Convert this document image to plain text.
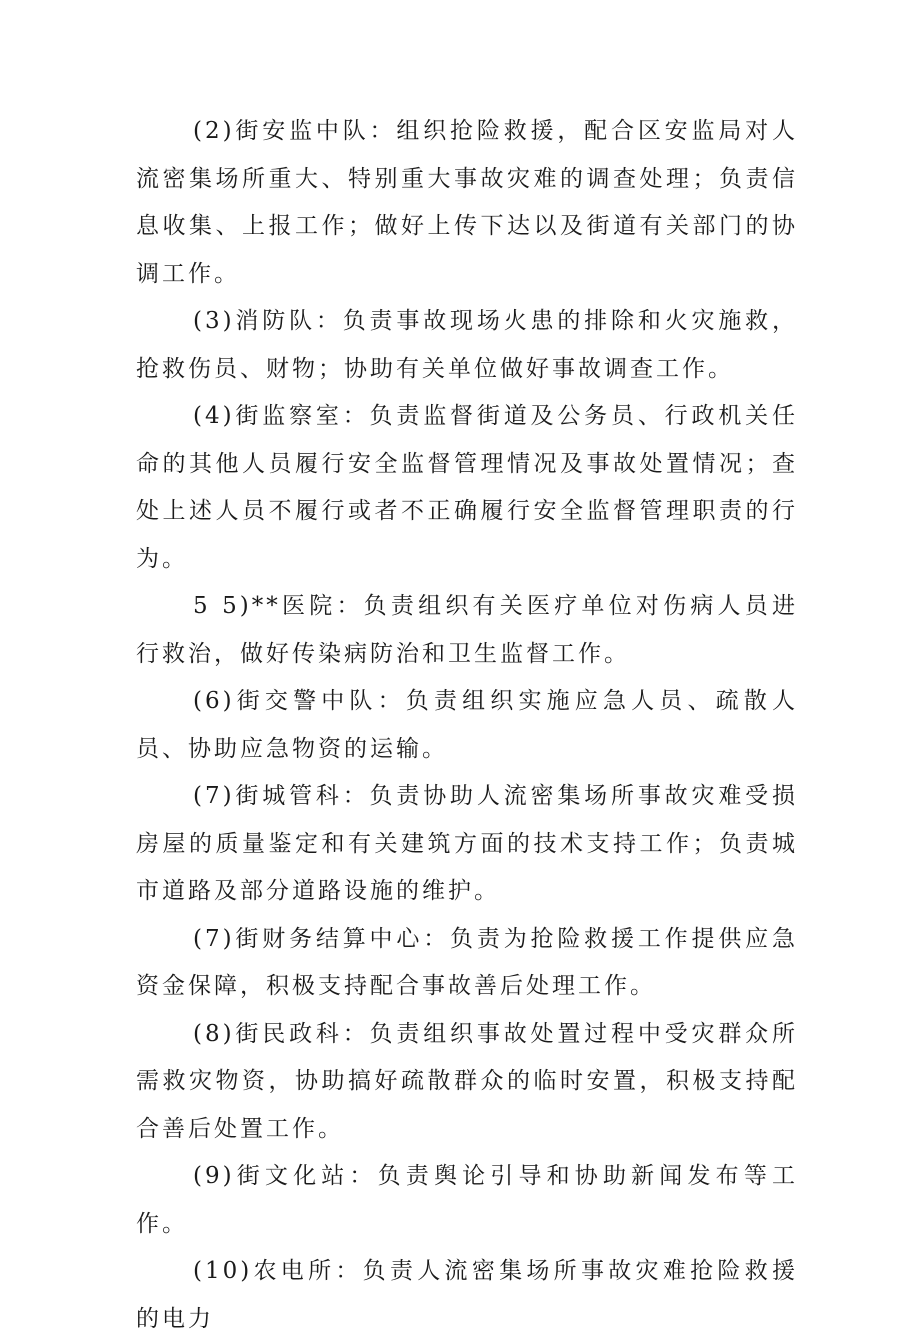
(2)街安监中队：组织抢险救援，配合区安监局对人流密集场所重大、特别重大事故灾难的调查处理；负责信息收集、上报工作；做好上传下达以及街道有关部门的协调工作。

(3)消防队：负责事故现场火患的排除和火灾施救，抢救伤员、财物；协助有关单位做好事故调查工作。

(4)街监察室：负责监督街道及公务员、行政机关任命的其他人员履行安全监督管理情况及事故处置情况；查处上述人员不履行或者不正确履行安全监督管理职责的行为。

5 5)**医院：负责组织有关医疗单位对伤病人员进行救治，做好传染病防治和卫生监督工作。

(6)街交警中队：负责组织实施应急人员、疏散人员、协助应急物资的运输。

(7)街城管科：负责协助人流密集场所事故灾难受损房屋的质量鉴定和有关建筑方面的技术支持工作；负责城市道路及部分道路设施的维护。

(7)街财务结算中心：负责为抢险救援工作提供应急资金保障，积极支持配合事故善后处理工作。

(8)街民政科：负责组织事故处置过程中受灾群众所需救灾物资，协助搞好疏散群众的临时安置，积极支持配合善后处置工作。

(9)街文化站：负责舆论引导和协助新闻发布等工作。

(10)农电所：负责人流密集场所事故灾难抢险救援的电力
